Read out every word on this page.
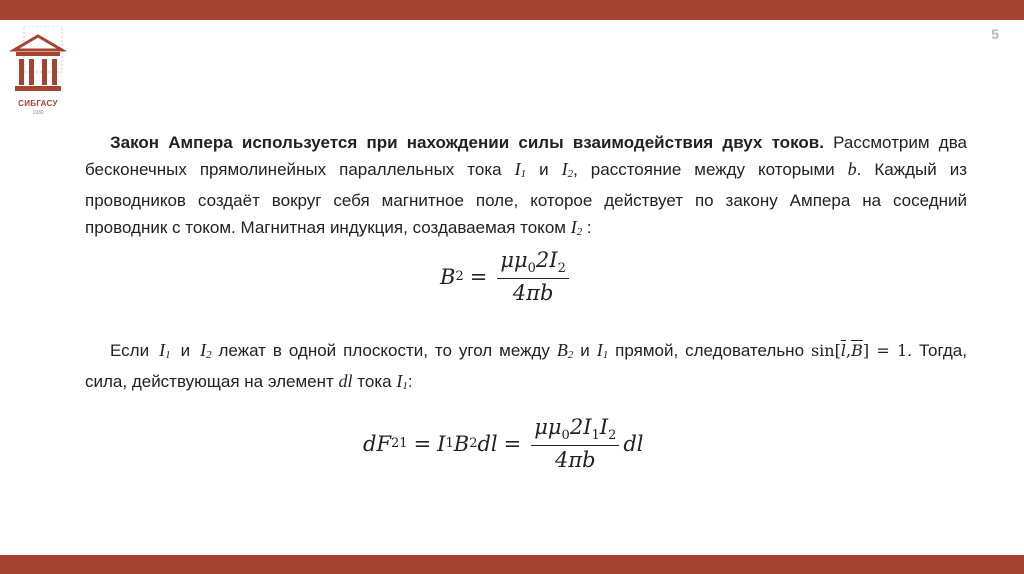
СИБГАСУ
1930
5
Закон Ампера используется при нахождении силы взаимодействия двух токов. Рассмотрим два бесконечных прямолинейных параллельных тока I1 и I2, расстояние между которыми b. Каждый из проводников создаёт вокруг себя магнитное поле, которое действует по закону Ампера на соседний проводник с током. Магнитная индукция, создаваемая током I2 :
B $2 = \frac{\mu\mu_02I_2}{4\pi b}$
Если I1 и I2 лежат в одной плоскости, то угол между B2 и I1 прямой, следовательно $\sin[\overline{l},\overline{B}] = 1$. Тогда, сила, действующая на элемент dl тока I1:
dF 21 = I 1 B 2 dl = $\frac{\mu\mu_02I_1I_2}{4\pi b}$ dl
